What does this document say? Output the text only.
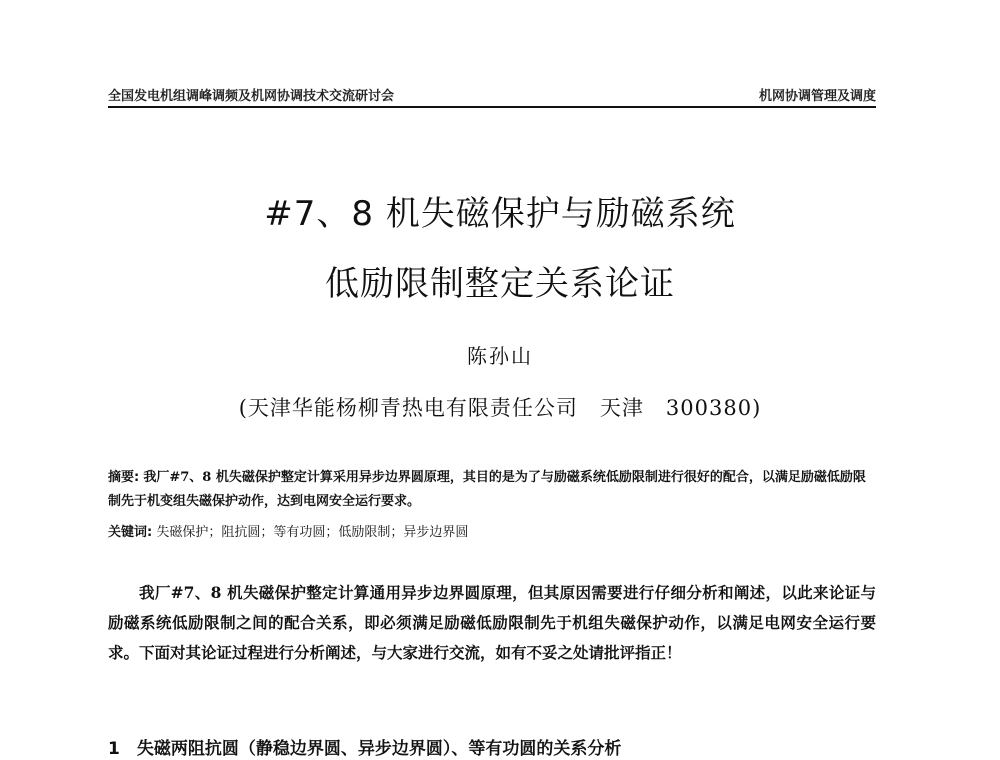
全国发电机组调峰调频及机网协调技术交流研讨会	机网协调管理及调度
#7、8 机失磁保护与励磁系统
低励限制整定关系论证
陈孙山
(天津华能杨柳青热电有限责任公司　天津　300380)
摘要: 我厂#7、8 机失磁保护整定计算采用异步边界圆原理，其目的是为了与励磁系统低励限制进行很好的配合，以满足励磁低励限制先于机变组失磁保护动作，达到电网安全运行要求。
关键词: 失磁保护；阻抗圆；等有功圆；低励限制；异步边界圆
我厂#7、8 机失磁保护整定计算通用异步边界圆原理，但其原因需要进行仔细分析和阐述，以此来论证与励磁系统低励限制之间的配合关系，即必须满足励磁低励限制先于机组失磁保护动作，以满足电网安全运行要求。下面对其论证过程进行分析阐述，与大家进行交流，如有不妥之处请批评指正！
1　失磁两阻抗圆（静稳边界圆、异步边界圆）、等有功圆的关系分析
